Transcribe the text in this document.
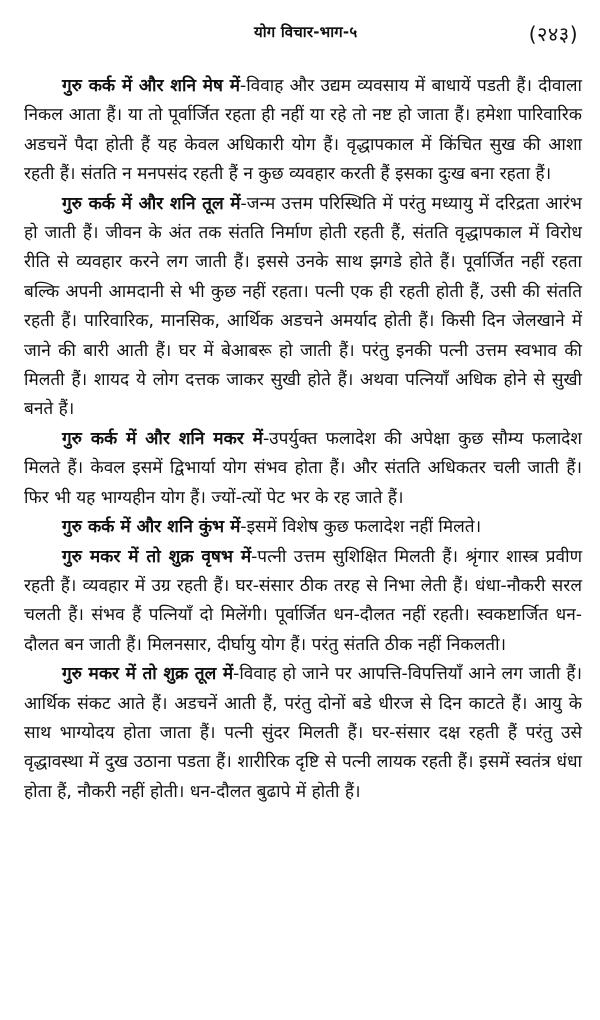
योग विचार-भाग-५	(२४३)

गुरु कर्क में और शनि मेष में-विवाह और उद्यम व्यवसाय में बाधायें पडती हैं। दीवाला निकल आता हैं। या तो पूर्वार्जित रहता ही नहीं या रहे तो नष्ट हो जाता हैं। हमेशा पारिवारिक अडचनें पैदा होती हैं यह केवल अधिकारी योग हैं। वृद्धापकाल में किंचित सुख की आशा रहती हैं। संतति न मनपसंद रहती हैं न कुछ व्यवहार करती हैं इसका दुःख बना रहता हैं।

गुरु कर्क में और शनि तूल में-जन्म उत्तम परिस्थिति में परंतु मध्यायु में दरिद्रता आरंभ हो जाती हैं। जीवन के अंत तक संतति निर्माण होती रहती हैं, संतति वृद्धापकाल में विरोध रीति से व्यवहार करने लग जाती हैं। इससे उनके साथ झगडे होते हैं। पूर्वार्जित नहीं रहता बल्कि अपनी आमदानी से भी कुछ नहीं रहता। पत्नी एक ही रहती होती हैं, उसी की संतति रहती हैं। पारिवारिक, मानसिक, आर्थिक अडचने अमर्याद होती हैं। किसी दिन जेलखाने में जाने की बारी आती हैं। घर में बेआबरू हो जाती हैं। परंतु इनकी पत्नी उत्तम स्वभाव की मिलती हैं। शायद ये लोग दत्तक जाकर सुखी होते हैं। अथवा पत्नियाँ अधिक होने से सुखी बनते हैं।

गुरु कर्क में और शनि मकर में-उपर्युक्त फलादेश की अपेक्षा कुछ सौम्य फलादेश मिलते हैं। केवल इसमें द्विभार्या योग संभव होता हैं। और संतति अधिकतर चली जाती हैं। फिर भी यह भाग्यहीन योग हैं। ज्यों-त्यों पेट भर के रह जाते हैं।

गुरु कर्क में और शनि कुंभ में-इसमें विशेष कुछ फलादेश नहीं मिलते।

गुरु मकर में तो शुक्र वृषभ में-पत्नी उत्तम सुशिक्षित मिलती हैं। श्रृंगार शास्त्र प्रवीण रहती हैं। व्यवहार में उग्र रहती हैं। घर-संसार ठीक तरह से निभा लेती हैं। धंधा-नौकरी सरल चलती हैं। संभव हैं पत्नियाँ दो मिलेंगी। पूर्वार्जित धन-दौलत नहीं रहती। स्वकष्टार्जित धन-दौलत बन जाती हैं। मिलनसार, दीर्घायु योग हैं। परंतु संतति ठीक नहीं निकलती।

गुरु मकर में तो शुक्र तूल में-विवाह हो जाने पर आपत्ति-विपत्तियाँ आने लग जाती हैं। आर्थिक संकट आते हैं। अडचनें आती हैं, परंतु दोनों बडे धीरज से दिन काटते हैं। आयु के साथ भाग्योदय होता जाता हैं। पत्नी सुंदर मिलती हैं। घर-संसार दक्ष रहती हैं परंतु उसे वृद्धावस्था में दुख उठाना पडता हैं। शारीरिक दृष्टि से पत्नी लायक रहती हैं। इसमें स्वतंत्र धंधा होता हैं, नौकरी नहीं होती। धन-दौलत बुढापे में होती हैं।
